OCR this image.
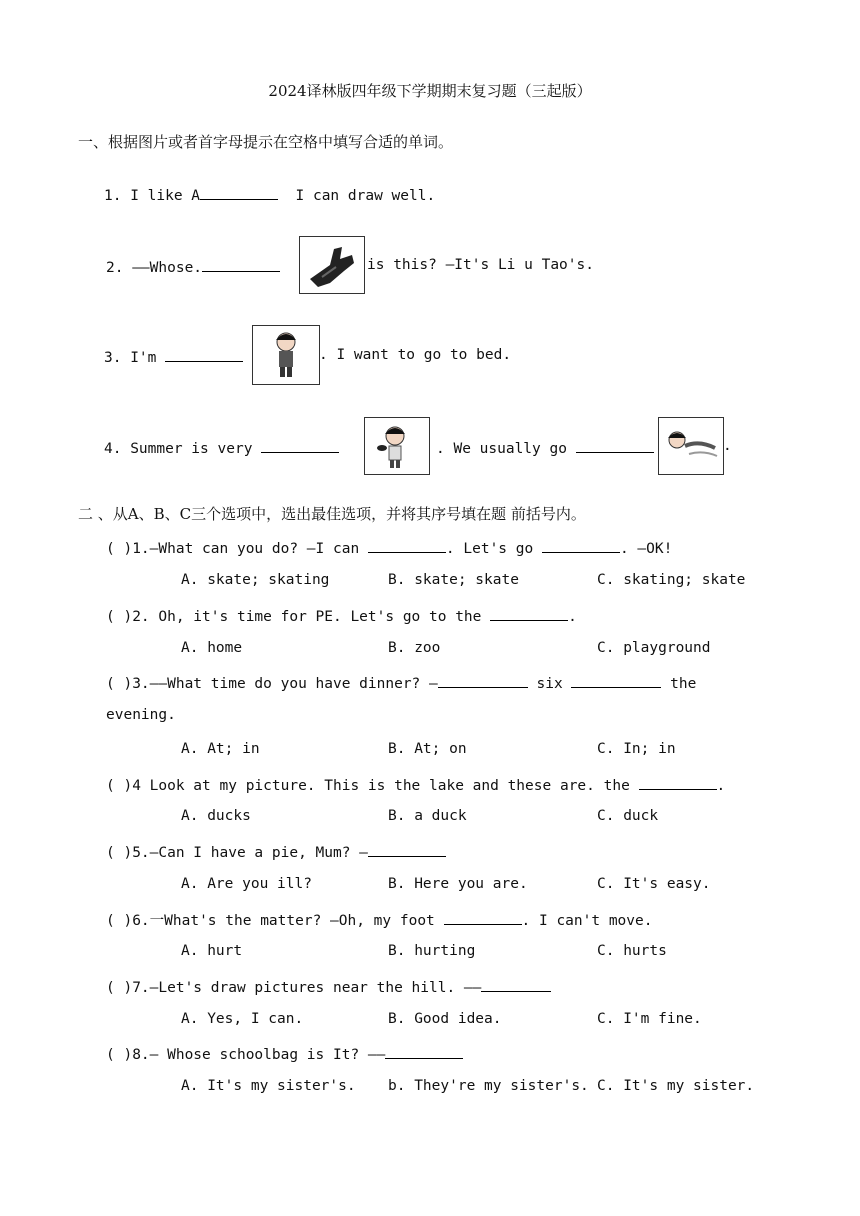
2024译林版四年级下学期期末复习题（三起版）
一、根据图片或者首字母提示在空格中填写合适的单词。
1. I like A	I can draw well.
2. ——Whose.	is this? —It's Li u Tao's.
3. I'm	. I want to go to bed.
4. Summer is very	. We usually go	.
二 、从A、B、C三个选项中，选出最佳选项，并将其序号填在题 前括号内。
( )1.—What can you do? —I can	. Let's go	. —OK!
A. skate; skating	B. skate; skate	C. skating; skate
( )2. Oh, it's time for PE. Let's go to the	.
A. home	B. zoo	C. playground
( )3.——What time do you have dinner? —	six	the
evening.
A. At; in	B. At; on	C. In; in
( )4 Look at my picture. This is the lake and these are. the	.
A. ducks	B. a duck	C. duck
( )5.—Can I have a pie, Mum? —
A. Are you ill?	B. Here you are.	C. It's easy.
( )6.一What's the matter? —Oh, my foot	. I can't move.
A. hurt	B. hurting	C. hurts
( )7.—Let's draw pictures near the hill. ——
A. Yes, I can.	B. Good idea.	C. I'm fine.
( )8.— Whose schoolbag is It? ——
A. It's my sister's. b. They're my sister's. C. It's my sister.
